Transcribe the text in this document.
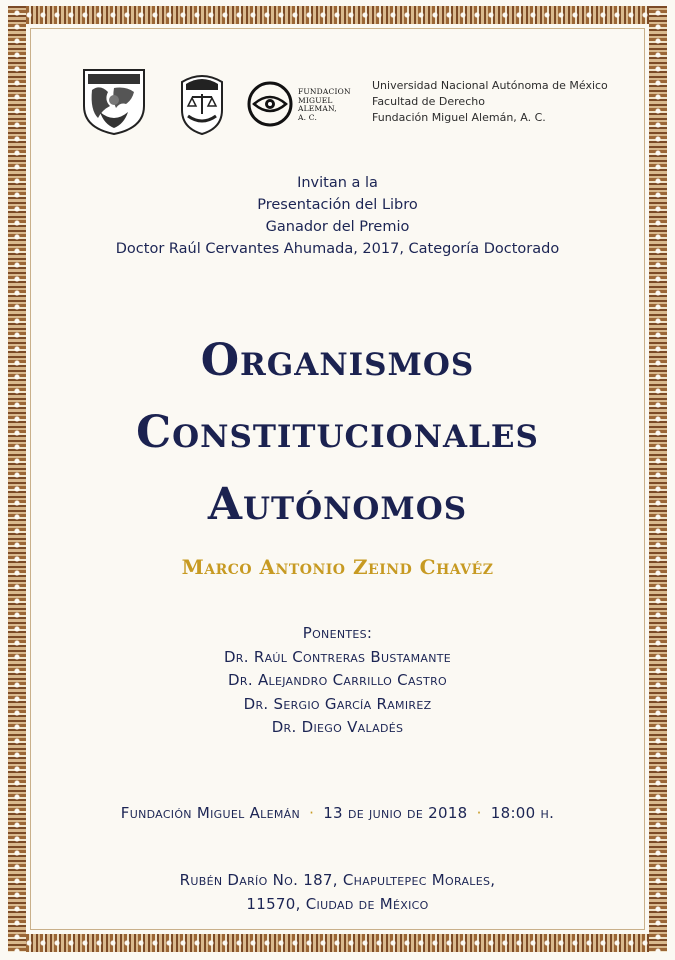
FUNDACION
MIGUEL
ALEMAN,
A. C.
Universidad Nacional Autónoma de México
Facultad de Derecho
Fundación Miguel Alemán, A. C.
Invitan a la
Presentación del Libro
Ganador del Premio
Doctor Raúl Cervantes Ahumada, 2017, Categoría Doctorado
Organismos
Constitucionales
Autónomos
Marco Antonio Zeind Chavéz
Ponentes:
Dr. Raúl Contreras Bustamante
Dr. Alejandro Carrillo Castro
Dr. Sergio García Ramirez
Dr. Diego Valadés
Fundación Miguel Alemán · 13 de junio de 2018 · 18:00 h.
Rubén Darío No. 187, Chapultepec Morales,
11570, Ciudad de México
